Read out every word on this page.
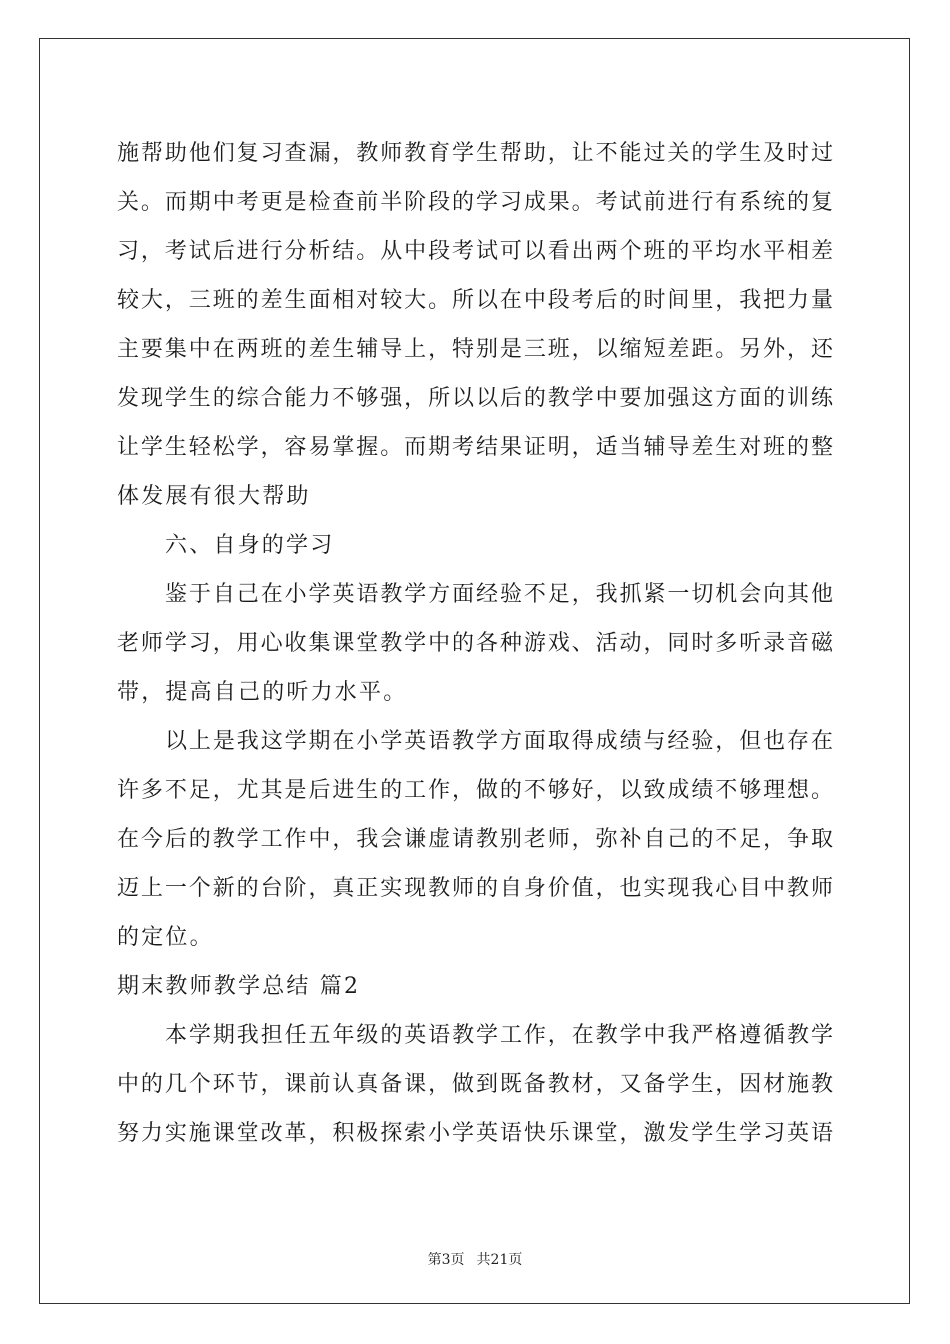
施帮助他们复习查漏，教师教育学生帮助，让不能过关的学生及时过
关。而期中考更是检查前半阶段的学习成果。考试前进行有系统的复
习，考试后进行分析结。从中段考试可以看出两个班的平均水平相差
较大，三班的差生面相对较大。所以在中段考后的时间里，我把力量
主要集中在两班的差生辅导上，特别是三班，以缩短差距。另外，还
发现学生的综合能力不够强，所以以后的教学中要加强这方面的训练
让学生轻松学，容易掌握。而期考结果证明，适当辅导差生对班的整
体发展有很大帮助
六、自身的学习
鉴于自己在小学英语教学方面经验不足，我抓紧一切机会向其他
老师学习，用心收集课堂教学中的各种游戏、活动，同时多听录音磁
带，提高自己的听力水平。
以上是我这学期在小学英语教学方面取得成绩与经验，但也存在
许多不足，尤其是后进生的工作，做的不够好，以致成绩不够理想。
在今后的教学工作中，我会谦虚请教别老师，弥补自己的不足，争取
迈上一个新的台阶，真正实现教师的自身价值，也实现我心目中教师
的定位。
期末教师教学总结 篇2
本学期我担任五年级的英语教学工作，在教学中我严格遵循教学
中的几个环节，课前认真备课，做到既备教材，又备学生，因材施教
努力实施课堂改革，积极探索小学英语快乐课堂，激发学生学习英语
第3页 共21页
